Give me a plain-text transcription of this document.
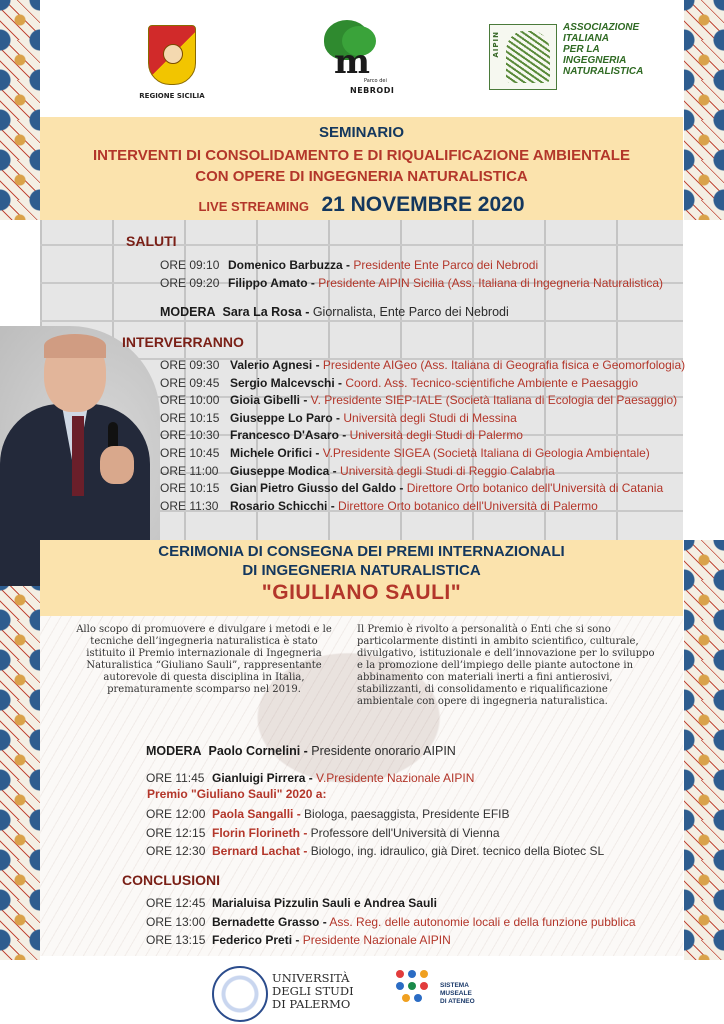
REGIONE SICILIA
m
Parco dei
NEBRODI
AIPIN
ASSOCIAZIONE
ITALIANA
PER LA
INGEGNERIA
NATURALISTICA
SEMINARIO
INTERVENTI DI CONSOLIDAMENTO E DI RIQUALIFICAZIONE AMBIENTALE
CON OPERE DI INGEGNERIA NATURALISTICA
LIVE STREAMING 21 NOVEMBRE 2020
SALUTI
ORE 09:10 Domenico Barbuzza - Presidente Ente Parco dei Nebrodi
ORE 09:20 Filippo Amato - Presidente AIPIN Sicilia (Ass. Italiana di Ingegneria Naturalistica)
MODERA Sara La Rosa - Giornalista, Ente Parco dei Nebrodi
INTERVERRANNO
ORE 09:30 Valerio Agnesi - Presidente AIGeo (Ass. Italiana di Geografia fisica e Geomorfologia)
ORE 09:45 Sergio Malcevschi - Coord. Ass. Tecnico-scientifiche Ambiente e Paesaggio
ORE 10:00 Gioia Gibelli - V. Presidente SIEP-IALE (Società Italiana di Ecologia del Paesaggio)
ORE 10:15 Giuseppe Lo Paro - Università degli Studi di Messina
ORE 10:30 Francesco D'Asaro - Università degli Studi di Palermo
ORE 10:45 Michele Orifici - V.Presidente SIGEA (Società Italiana di Geologia Ambientale)
ORE 11:00 Giuseppe Modica - Università degli Studi di Reggio Calabria
ORE 10:15 Gian Pietro Giusso del Galdo - Direttore Orto botanico dell'Università di Catania
ORE 11:30 Rosario Schicchi - Direttore Orto botanico dell'Università di Palermo
CERIMONIA DI CONSEGNA DEI PREMI INTERNAZIONALI
DI INGEGNERIA NATURALISTICA
"GIULIANO SAULI"
Allo scopo di promuovere e divulgare i metodi e le tecniche dell’ingegneria naturalistica è stato istituito il Premio internazionale di Ingegneria Naturalistica “Giuliano Sauli”, rappresentante autorevole di questa disciplina in Italia, prematuramente scomparso nel 2019.
Il Premio è rivolto a personalità o Enti che si sono particolarmente distinti in ambito scientifico, culturale, divulgativo, istituzionale e dell’innovazione per lo sviluppo e la promozione dell’impiego delle piante autoctone in abbinamento con materiali inerti a fini antierosivi, stabilizzanti, di consolidamento e riqualificazione ambientale con opere di ingegneria naturalistica.
MODERA Paolo Cornelini - Presidente onorario AIPIN
ORE 11:45 Gianluigi Pirrera - V.Presidente Nazionale AIPIN
Premio "Giuliano Sauli" 2020 a:
ORE 12:00 Paola Sangalli - Biologa, paesaggista, Presidente EFIB
ORE 12:15 Florin Florineth - Professore dell'Università di Vienna
ORE 12:30 Bernard Lachat - Biologo, ing. idraulico, già Diret. tecnico della Biotec SL
CONCLUSIONI
ORE 12:45 Marialuisa Pizzulin Sauli e Andrea Sauli
ORE 13:00 Bernadette Grasso - Ass. Reg. delle autonomie locali e della funzione pubblica
ORE 13:15 Federico Preti - Presidente Nazionale AIPIN
UNIVERSITÀ
DEGLI STUDI
DI PALERMO
SISTEMA
MUSEALE
DI ATENEO
